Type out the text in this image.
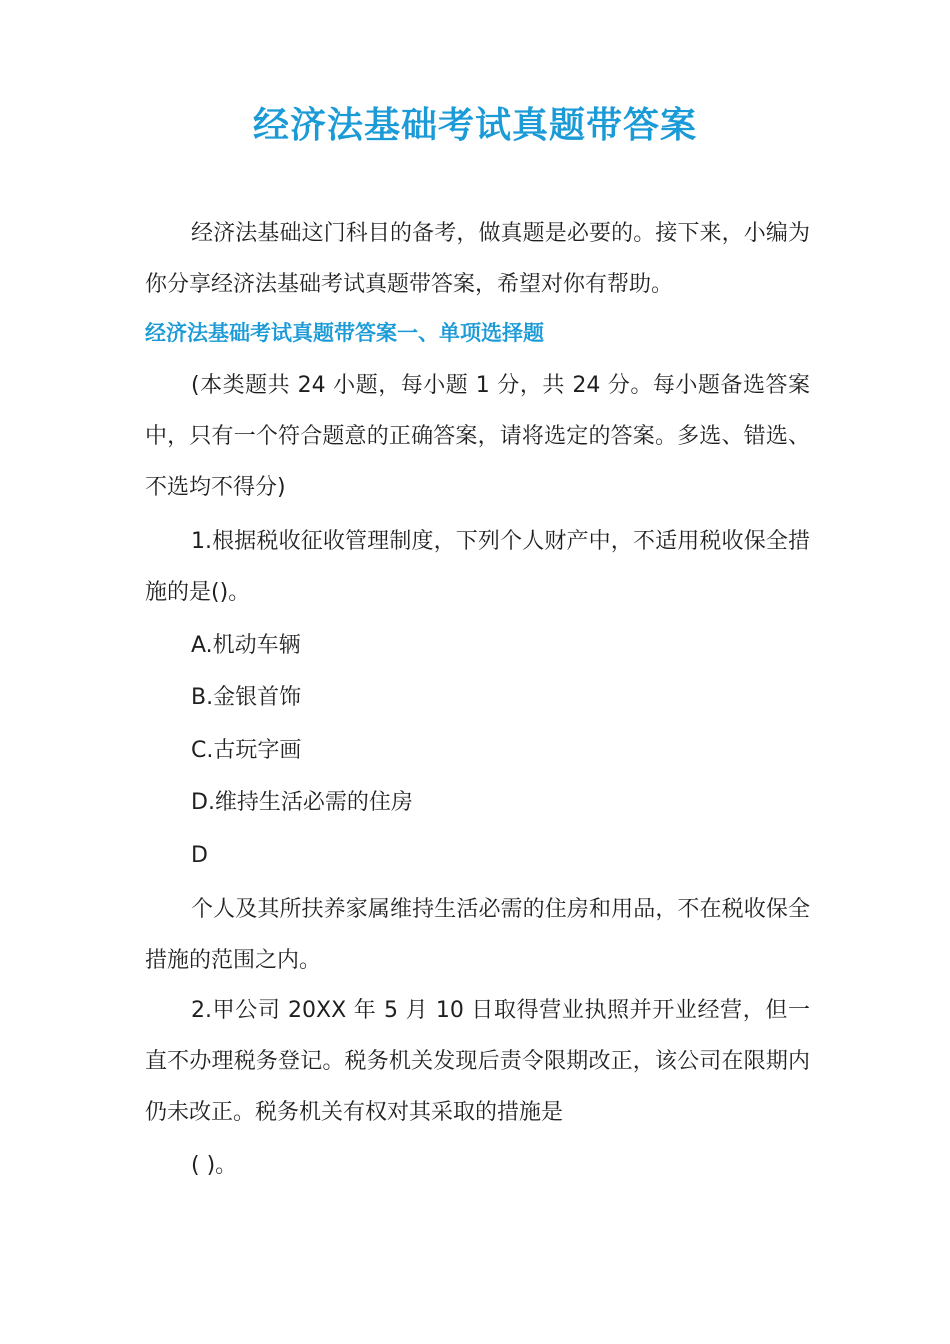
经济法基础考试真题带答案

经济法基础这门科目的备考，做真题是必要的。接下来，小编为你分享经济法基础考试真题带答案，希望对你有帮助。

经济法基础考试真题带答案一、单项选择题

(本类题共 24 小题，每小题 1 分，共 24 分。每小题备选答案中，只有一个符合题意的正确答案，请将选定的答案。多选、错选、不选均不得分)

1.根据税收征收管理制度，下列个人财产中，不适用税收保全措施的是()。

A.机动车辆

B.金银首饰

C.古玩字画

D.维持生活必需的住房

D

个人及其所扶养家属维持生活必需的住房和用品，不在税收保全措施的范围之内。

2.甲公司 20XX 年 5 月 10 日取得营业执照并开业经营，但一直不办理税务登记。税务机关发现后责令限期改正，该公司在限期内仍未改正。税务机关有权对其采取的措施是

( )。
